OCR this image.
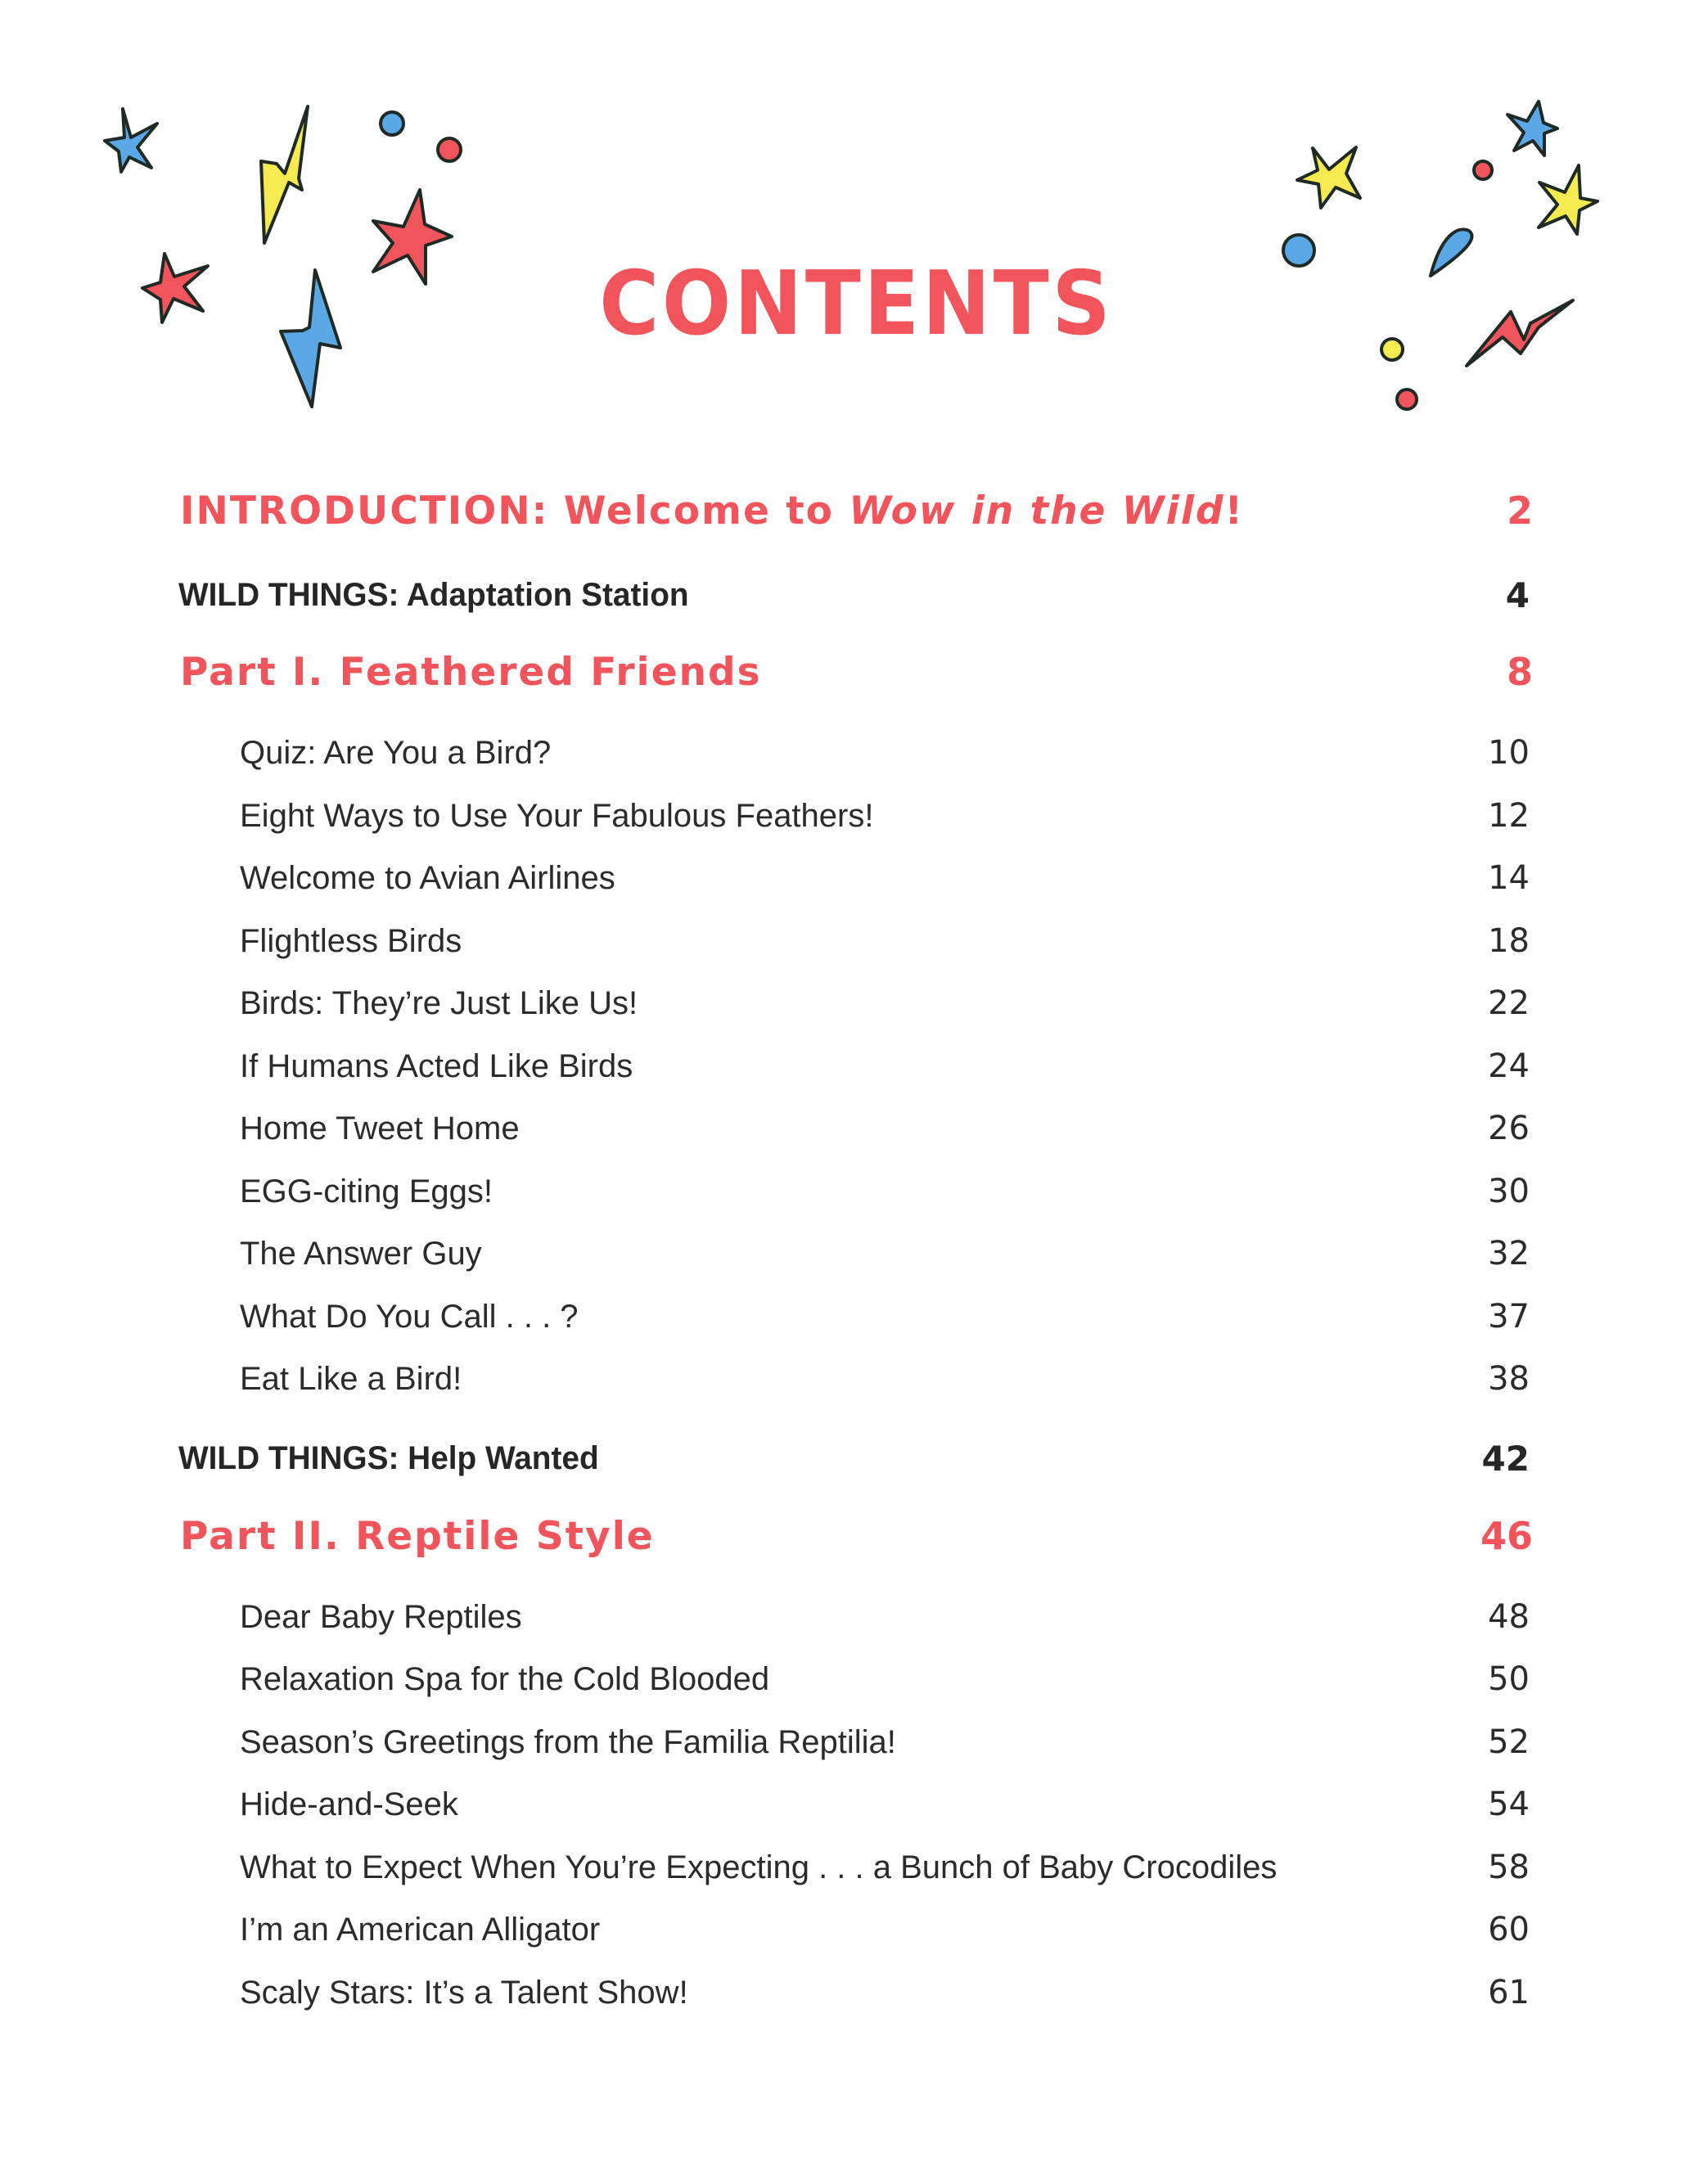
CONTENTS
INTRODUCTION: Welcome to Wow in the Wild!	2
WILD THINGS: Adaptation Station	4
Part I. Feathered Friends	8
Quiz: Are You a Bird?	10
Eight Ways to Use Your Fabulous Feathers!	12
Welcome to Avian Airlines	14
Flightless Birds	18
Birds: They’re Just Like Us!	22
If Humans Acted Like Birds	24
Home Tweet Home	26
EGG-citing Eggs!	30
The Answer Guy	32
What Do You Call . . . ?	37
Eat Like a Bird!	38
WILD THINGS: Help Wanted	42
Part II. Reptile Style	46
Dear Baby Reptiles	48
Relaxation Spa for the Cold Blooded	50
Season’s Greetings from the Familia Reptilia!	52
Hide-and-Seek	54
What to Expect When You’re Expecting . . . a Bunch of Baby Crocodiles	58
I’m an American Alligator	60
Scaly Stars: It’s a Talent Show!	61
